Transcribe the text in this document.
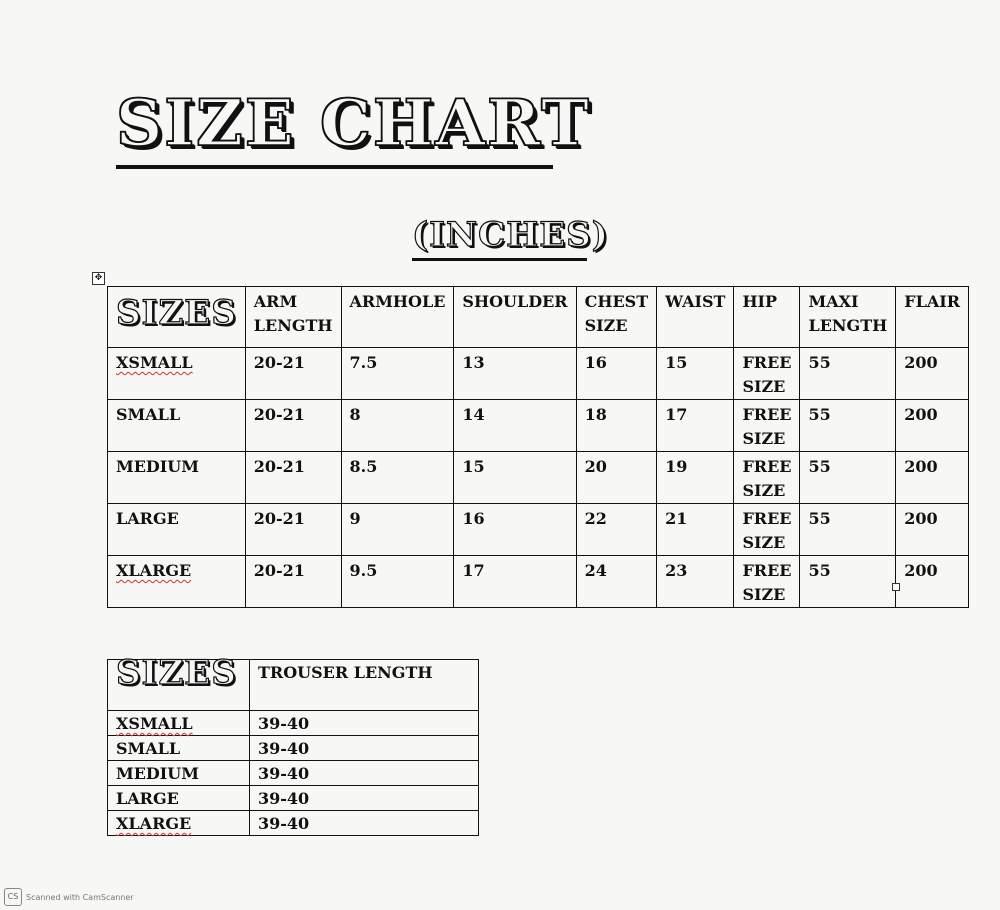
SIZE CHART
(INCHES)
✥
SIZES	ARM LENGTH	ARMHOLE	SHOULDER	CHEST SIZE	WAIST	HIP	MAXI LENGTH	FLAIR
XSMALL	20-21	7.5	13	16	15	FREE SIZE	55	200
SMALL	20-21	8	14	18	17	FREE SIZE	55	200
MEDIUM	20-21	8.5	15	20	19	FREE SIZE	55	200
LARGE	20-21	9	16	22	21	FREE SIZE	55	200
XLARGE	20-21	9.5	17	24	23	FREE SIZE	55	200
SIZES	TROUSER LENGTH
XSMALL	39-40
SMALL	39-40
MEDIUM	39-40
LARGE	39-40
XLARGE	39-40
CS Scanned with CamScanner
